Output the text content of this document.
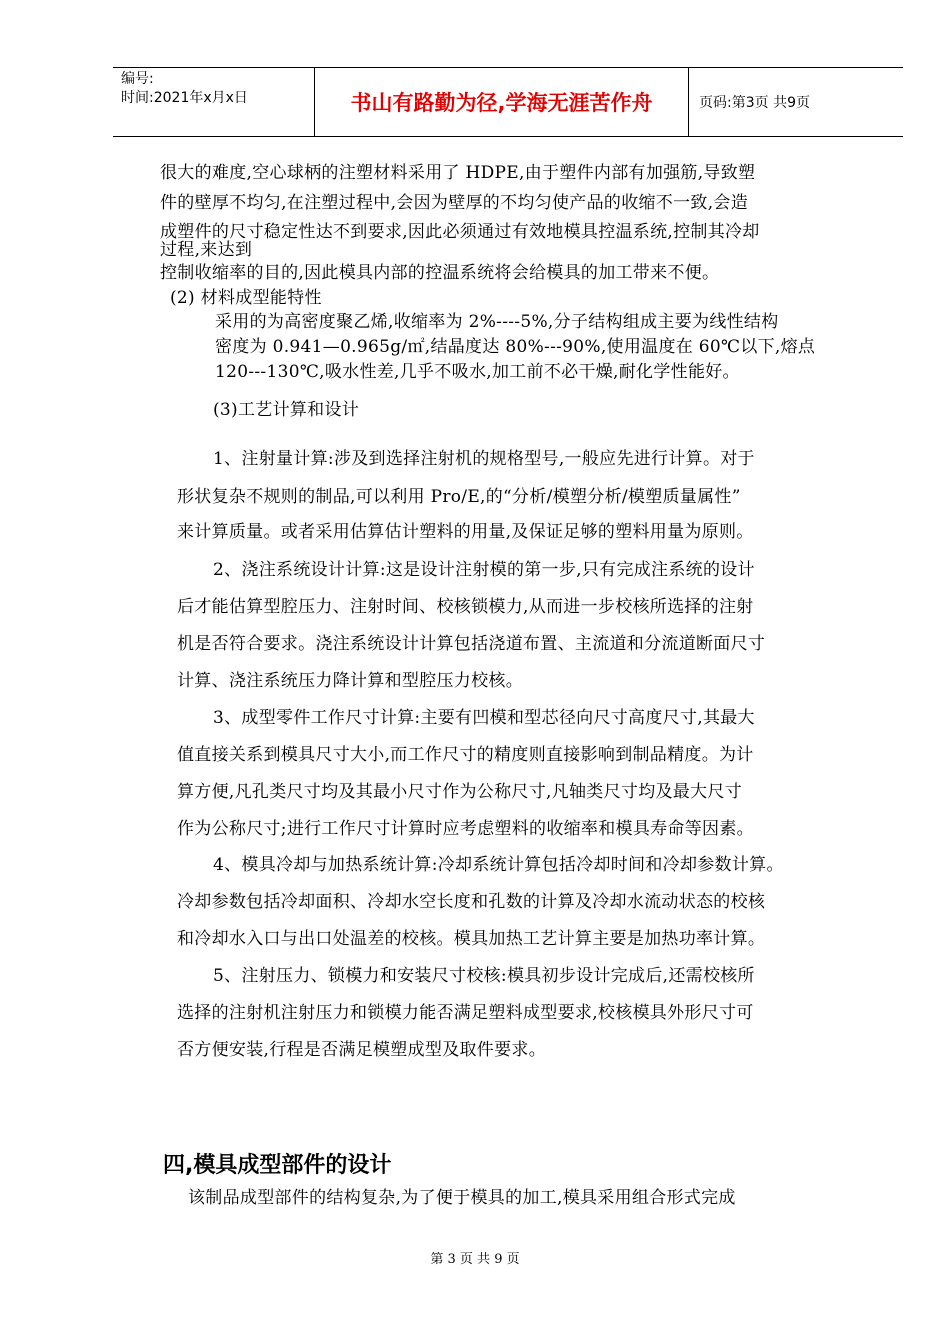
编号:
时间:2021年x月x日	书山有路勤为径,学海无涯苦作舟	页码:第3页 共9页
很大的难度,空心球柄的注塑材料采用了 HDPE,由于塑件内部有加强筋,导致塑
件的壁厚不均匀,在注塑过程中,会因为壁厚的不均匀使产品的收缩不一致,会造
成塑件的尺寸稳定性达不到要求,因此必须通过有效地模具控温系统,控制其冷却
过程,来达到
控制收缩率的目的,因此模具内部的控温系统将会给模具的加工带来不便。
(2) 材料成型能特性
采用的为高密度聚乙烯,收缩率为 2%----5%,分子结构组成主要为线性结构
密度为 0.941—0.965g/㎡,结晶度达 80%---90%,使用温度在 60℃以下,熔点
120---130℃,吸水性差,几乎不吸水,加工前不必干燥,耐化学性能好。
(3)工艺计算和设计
1、注射量计算:涉及到选择注射机的规格型号,一般应先进行计算。对于
形状复杂不规则的制品,可以利用 Pro/E,的“分析/模塑分析/模塑质量属性”
来计算质量。或者采用估算估计塑料的用量,及保证足够的塑料用量为原则。
2、浇注系统设计计算:这是设计注射模的第一步,只有完成注系统的设计
后才能估算型腔压力、注射时间、校核锁模力,从而进一步校核所选择的注射
机是否符合要求。浇注系统设计计算包括浇道布置、主流道和分流道断面尺寸
计算、浇注系统压力降计算和型腔压力校核。
3、成型零件工作尺寸计算:主要有凹模和型芯径向尺寸高度尺寸,其最大
值直接关系到模具尺寸大小,而工作尺寸的精度则直接影响到制品精度。为计
算方便,凡孔类尺寸均及其最小尺寸作为公称尺寸,凡轴类尺寸均及最大尺寸
作为公称尺寸;进行工作尺寸计算时应考虑塑料的收缩率和模具寿命等因素。
4、模具冷却与加热系统计算:冷却系统计算包括冷却时间和冷却参数计算。
冷却参数包括冷却面积、冷却水空长度和孔数的计算及冷却水流动状态的校核
和冷却水入口与出口处温差的校核。模具加热工艺计算主要是加热功率计算。
5、注射压力、锁模力和安装尺寸校核:模具初步设计完成后,还需校核所
选择的注射机注射压力和锁模力能否满足塑料成型要求,校核模具外形尺寸可
否方便安装,行程是否满足模塑成型及取件要求。
四,模具成型部件的设计
该制品成型部件的结构复杂,为了便于模具的加工,模具采用组合形式完成
第 3 页 共 9 页
